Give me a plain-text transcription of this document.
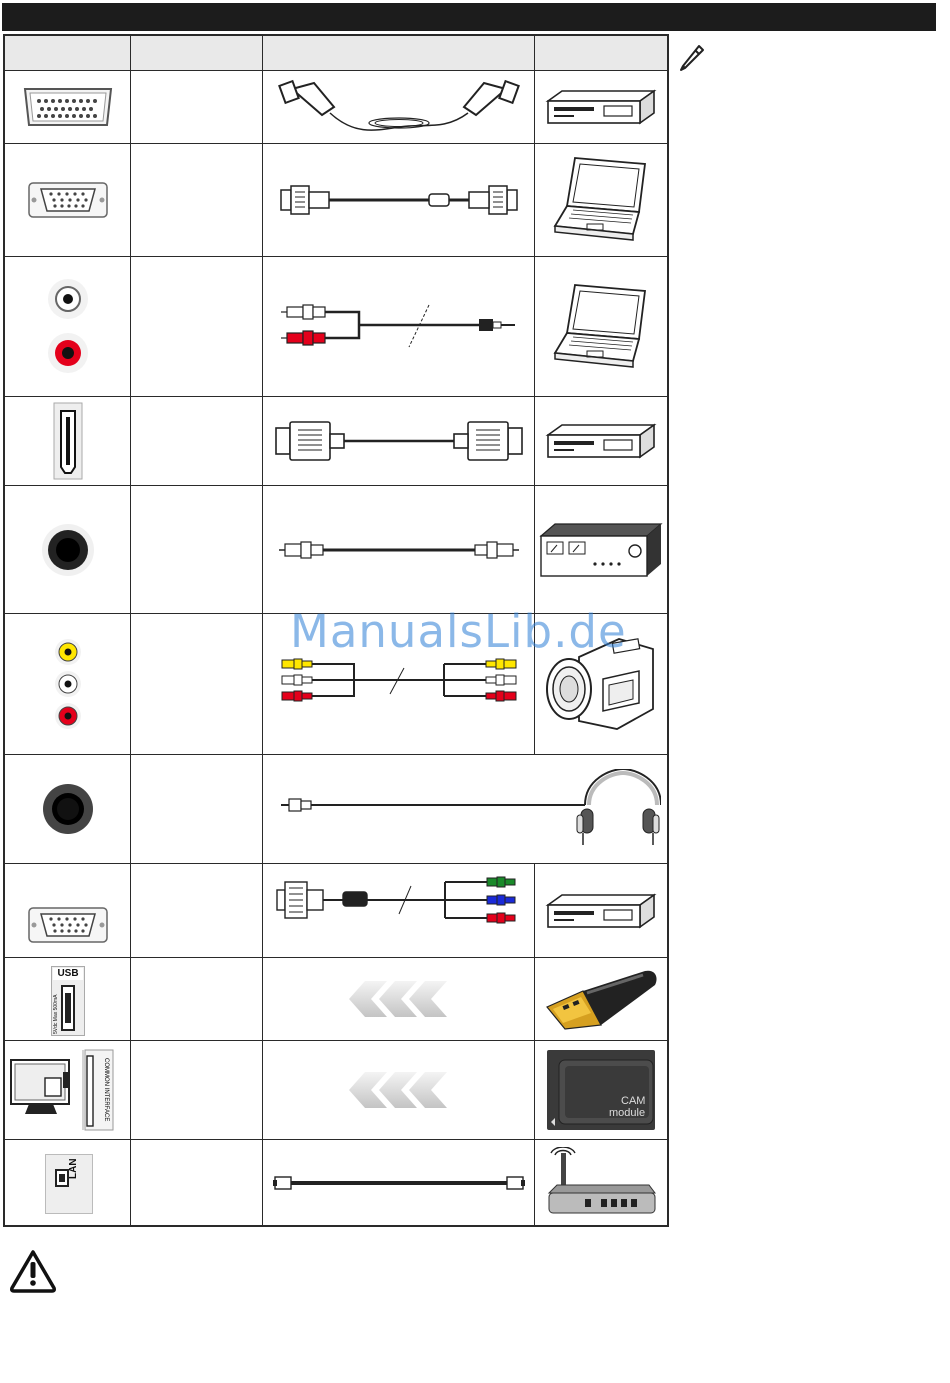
USB
5Vdc Max 500mA
COMMON INTERFACE	CAM
module
LAN
ManualsLib.de
